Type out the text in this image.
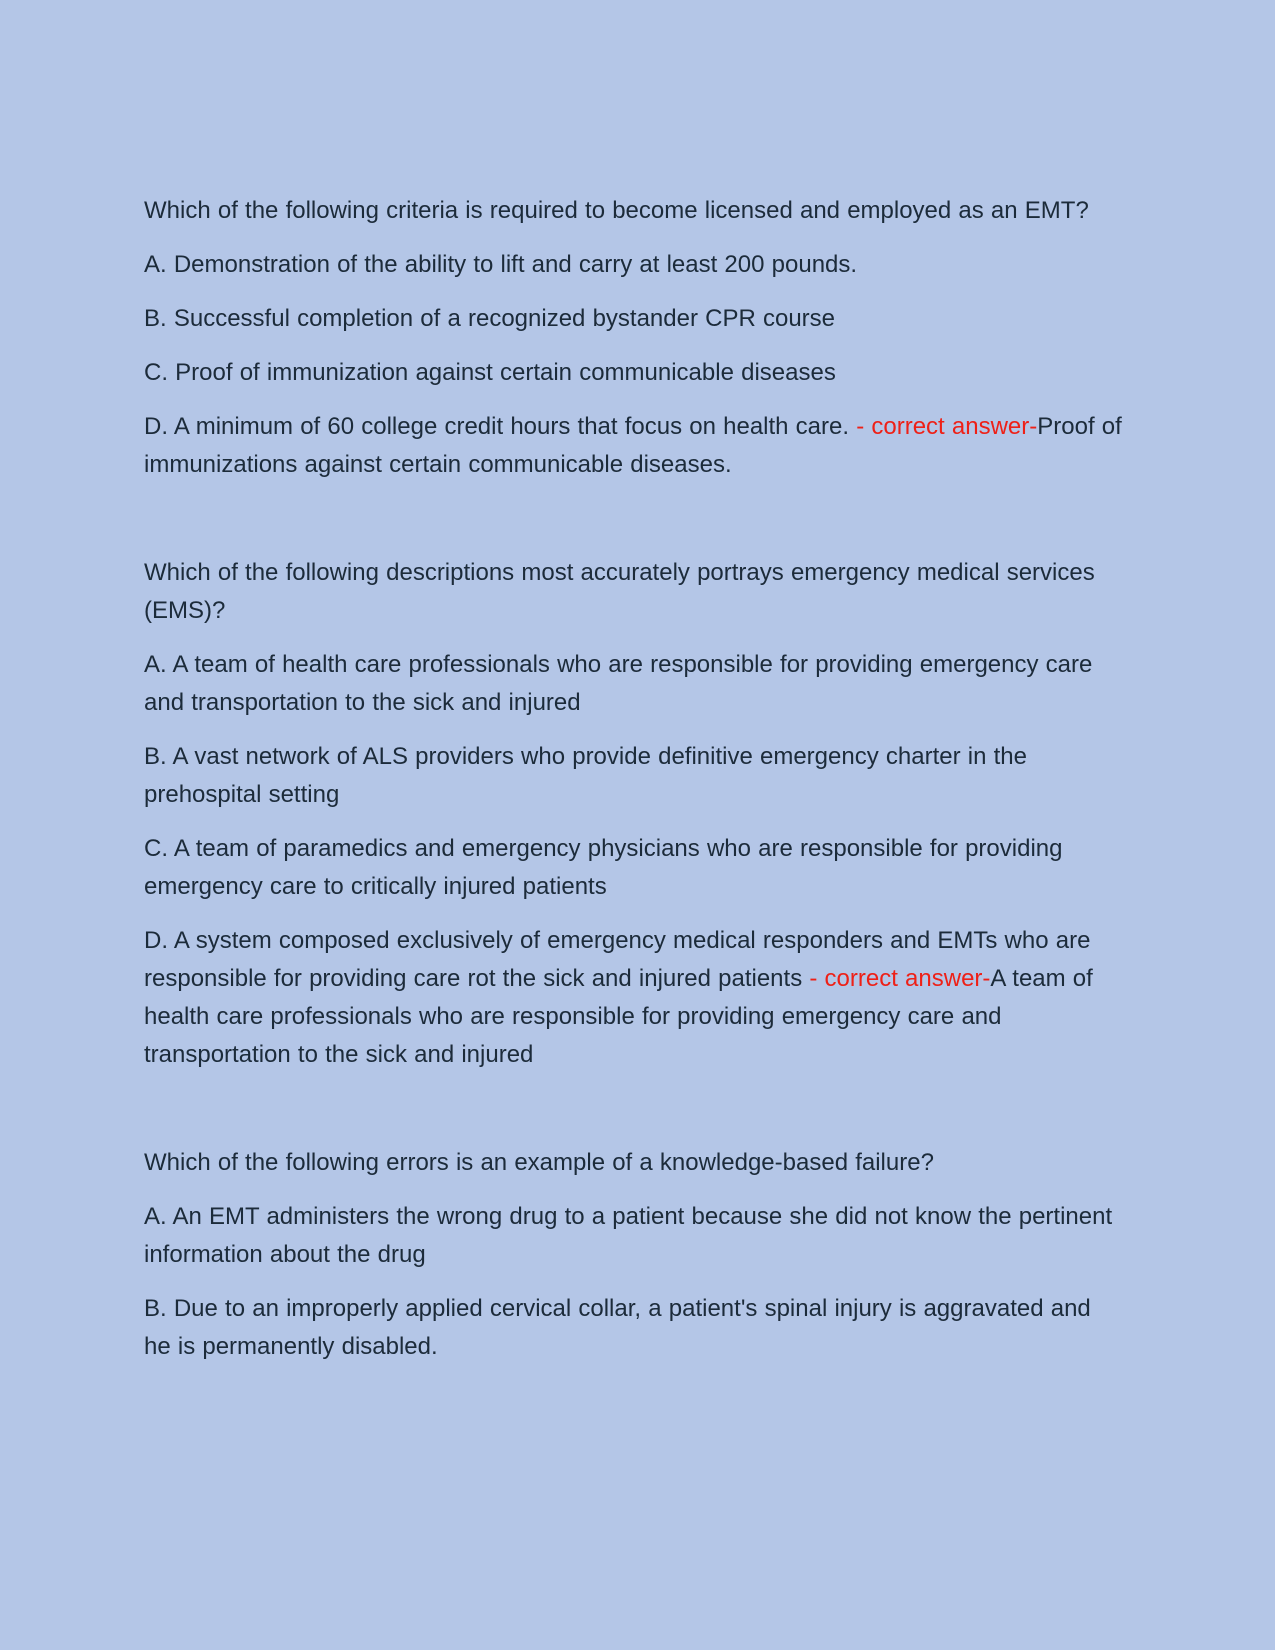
Which of the following criteria is required to become licensed and employed as an EMT?

A. Demonstration of the ability to lift and carry at least 200 pounds.

B. Successful completion of a recognized bystander CPR course

C. Proof of immunization against certain communicable diseases

D. A minimum of 60 college credit hours that focus on health care. - correct answer-Proof of immunizations against certain communicable diseases.

Which of the following descriptions most accurately portrays emergency medical services (EMS)?

A. A team of health care professionals who are responsible for providing emergency care and transportation to the sick and injured

B. A vast network of ALS providers who provide definitive emergency charter in the prehospital setting

C. A team of paramedics and emergency physicians who are responsible for providing emergency care to critically injured patients

D. A system composed exclusively of emergency medical responders and EMTs who are responsible for providing care rot the sick and injured patients - correct answer-A team of health care professionals who are responsible for providing emergency care and transportation to the sick and injured

Which of the following errors is an example of a knowledge-based failure?

A. An EMT administers the wrong drug to a patient because she did not know the pertinent information about the drug

B. Due to an improperly applied cervical collar, a patient's spinal injury is aggravated and he is permanently disabled.
